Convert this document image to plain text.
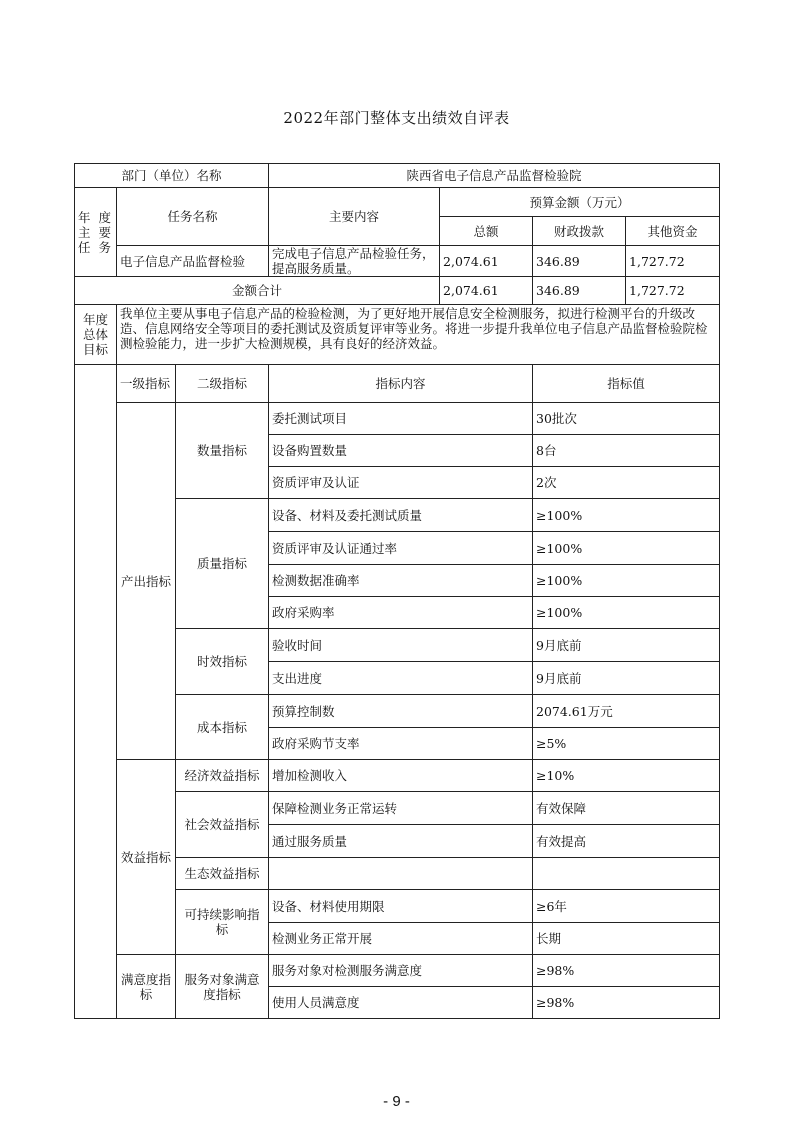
2022年部门整体支出绩效自评表
部门（单位）名称		陕西省电子信息产品监督检验院			
年 度
主 要
任 务	任务名称	主要内容	预算金额（万元）		
			总额	财政拨款	其他资金
	电子信息产品监督检验	完成电子信息产品检验任务，提高服务质量。	2,074.61	346.89	1,727.72
金额合计			2,074.61	346.89	1,727.72
年度
总体
目标	我单位主要从事电子信息产品的检验检测，为了更好地开展信息安全检测服务，拟进行检测平台的升级改造、信息网络安全等项目的委托测试及资质复评审等业务。将进一步提升我单位电子信息产品监督检验院检测检验能力，进一步扩大检测规模，具有良好的经济效益。				
	一级指标	二级指标	指标内容	指标值
	产出指标	数量指标	委托测试项目	30批次
			设备购置数量	8台
			资质评审及认证	2次
		质量指标	设备、材料及委托测试质量	≥100%
			资质评审及认证通过率	≥100%
			检测数据准确率	≥100%
			政府采购率	≥100%
		时效指标	验收时间	9月底前
			支出进度	9月底前
		成本指标	预算控制数	2074.61万元
			政府采购节支率	≥5%
	效益指标	经济效益指标	增加检测收入	≥10%
		社会效益指标	保障检测业务正常运转	有效保障
			通过服务质量	有效提高
		生态效益指标		
		可持续影响指标	设备、材料使用期限	≥6年
			检测业务正常开展	长期
	满意度指标	服务对象满意度指标	服务对象对检测服务满意度	≥98%
			使用人员满意度	≥98%
- 9 -
